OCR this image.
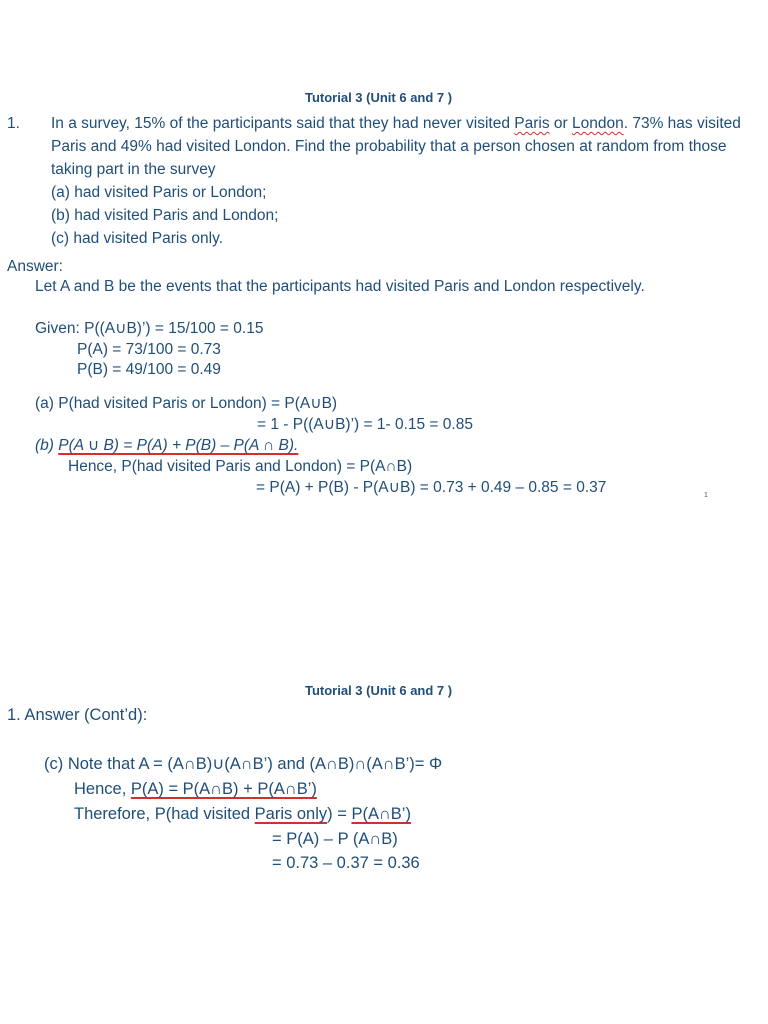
Tutorial 3 (Unit 6 and 7 )
1. In a survey, 15% of the participants said that they had never visited Paris or London. 73% has visited
Paris and 49% had visited London. Find the probability that a person chosen at random from those
taking part in the survey
(a) had visited Paris or London;
(b) had visited Paris and London;
(c) had visited Paris only.
Answer:
Let A and B be the events that the participants had visited Paris and London respectively.
Given: P((A∪B)’) = 15/100 = 0.15
P(A) = 73/100 = 0.73
P(B) = 49/100 = 0.49
(a) P(had visited Paris or London) = P(A∪B)
= 1 - P((A∪B)’) = 1- 0.15 = 0.85
(b) P(A ∪ B) = P(A) + P(B) – P(A ∩ B).
Hence, P(had visited Paris and London) = P(A∩B)
= P(A) + P(B) - P(A∪B) = 0.73 + 0.49 – 0.85 = 0.37	1
Tutorial 3 (Unit 6 and 7 )
1. Answer (Cont’d):
(c) Note that A = (A∩B)∪(A∩B’) and (A∩B)∩(A∩B’)= Φ
Hence, P(A) = P(A∩B) + P(A∩B’)
Therefore, P(had visited Paris only) = P(A∩B’)
= P(A) – P (A∩B)
= 0.73 – 0.37 = 0.36
